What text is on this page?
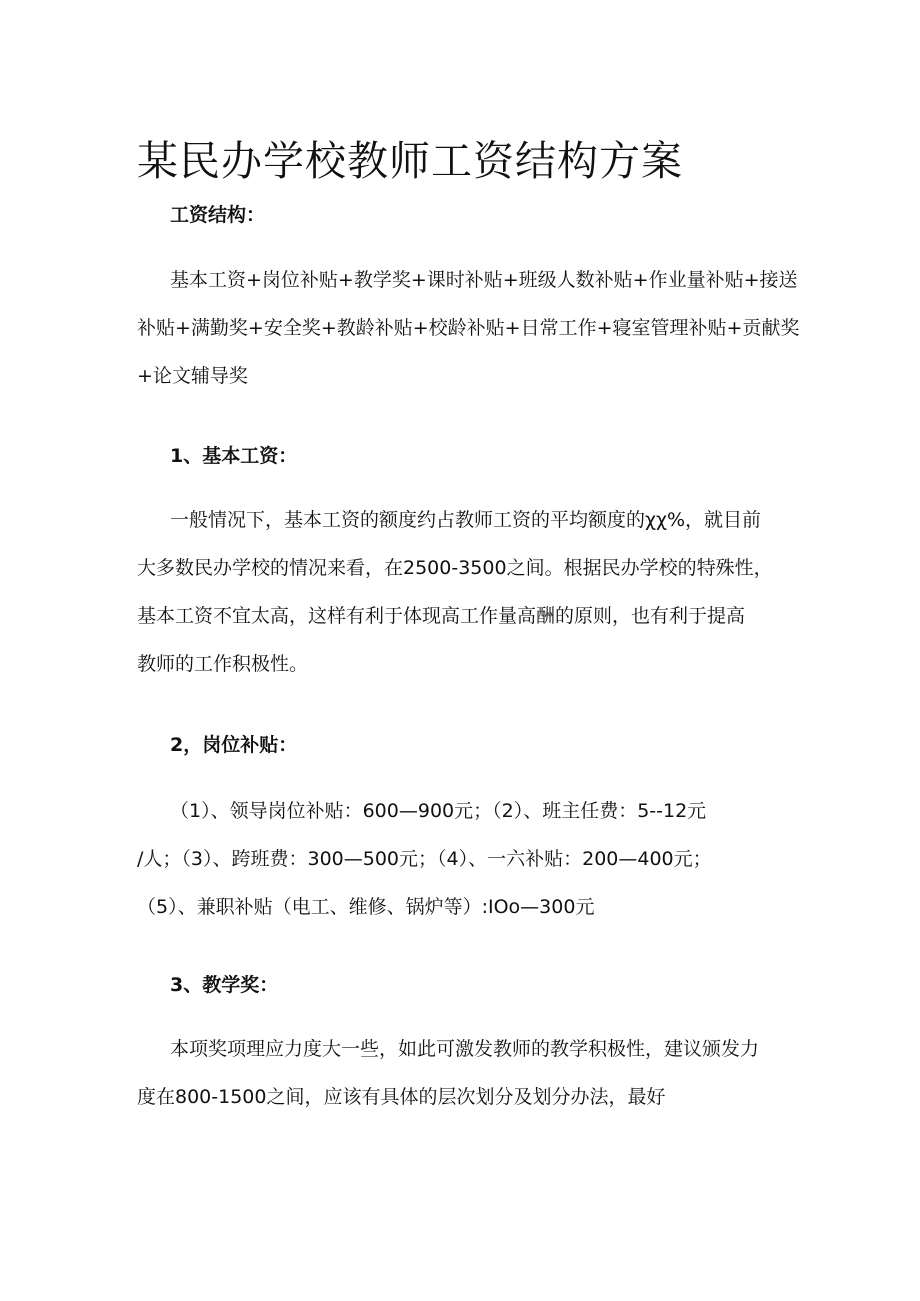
某民办学校教师工资结构方案
工资结构：
基本工资+岗位补贴+教学奖+课时补贴+班级人数补贴+作业量补贴+接送
补贴+满勤奖+安全奖+教龄补贴+校龄补贴+日常工作+寝室管理补贴+贡献奖
+论文辅导奖
1、基本工资：
一般情况下，基本工资的额度约占教师工资的平均额度的χχ%，就目前
大多数民办学校的情况来看，在2500-3500之间。根据民办学校的特殊性，
基本工资不宜太高，这样有利于体现高工作量高酬的原则，也有利于提高
教师的工作积极性。
2，岗位补贴：
（1）、领导岗位补贴：600—900元；（2）、班主任费：5--12元
/人；（3）、跨班费：300—500元；（4）、一六补贴：200—400元；
（5）、兼职补贴（电工、维修、锅炉等）:IOo—300元
3、教学奖：
本项奖项理应力度大一些，如此可激发教师的教学积极性，建议颁发力
度在800-1500之间，应该有具体的层次划分及划分办法，最好
